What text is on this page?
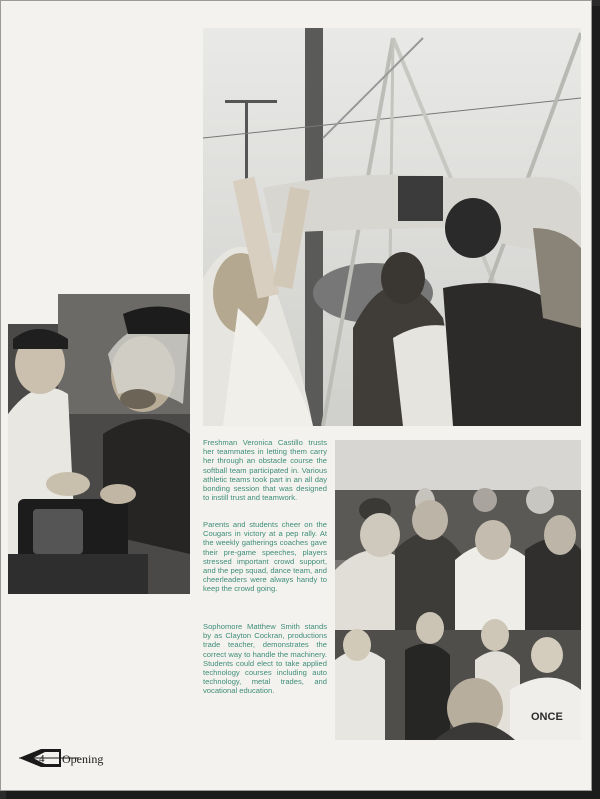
ONCE

Freshman Veronica Castillo trusts her teammates in letting them carry her through an obstacle course the softball team participated in. Various athletic teams took part in an all day bonding session that was designed to instill trust and teamwork.

Parents and students cheer on the Cougars in victory at a pep rally. At the weekly gatherings coaches gave their pre-game speeches, players stressed important crowd support, and the pep squad, dance team, and cheerleaders were always handy to keep the crowd going.

Sophomore Matthew Smith stands by as Clayton Cockran, productions trade teacher, demonstrates the correct way to handle the machinery. Students could elect to take applied technology courses including auto technology, metal trades, and vocational education.

4 Opening
